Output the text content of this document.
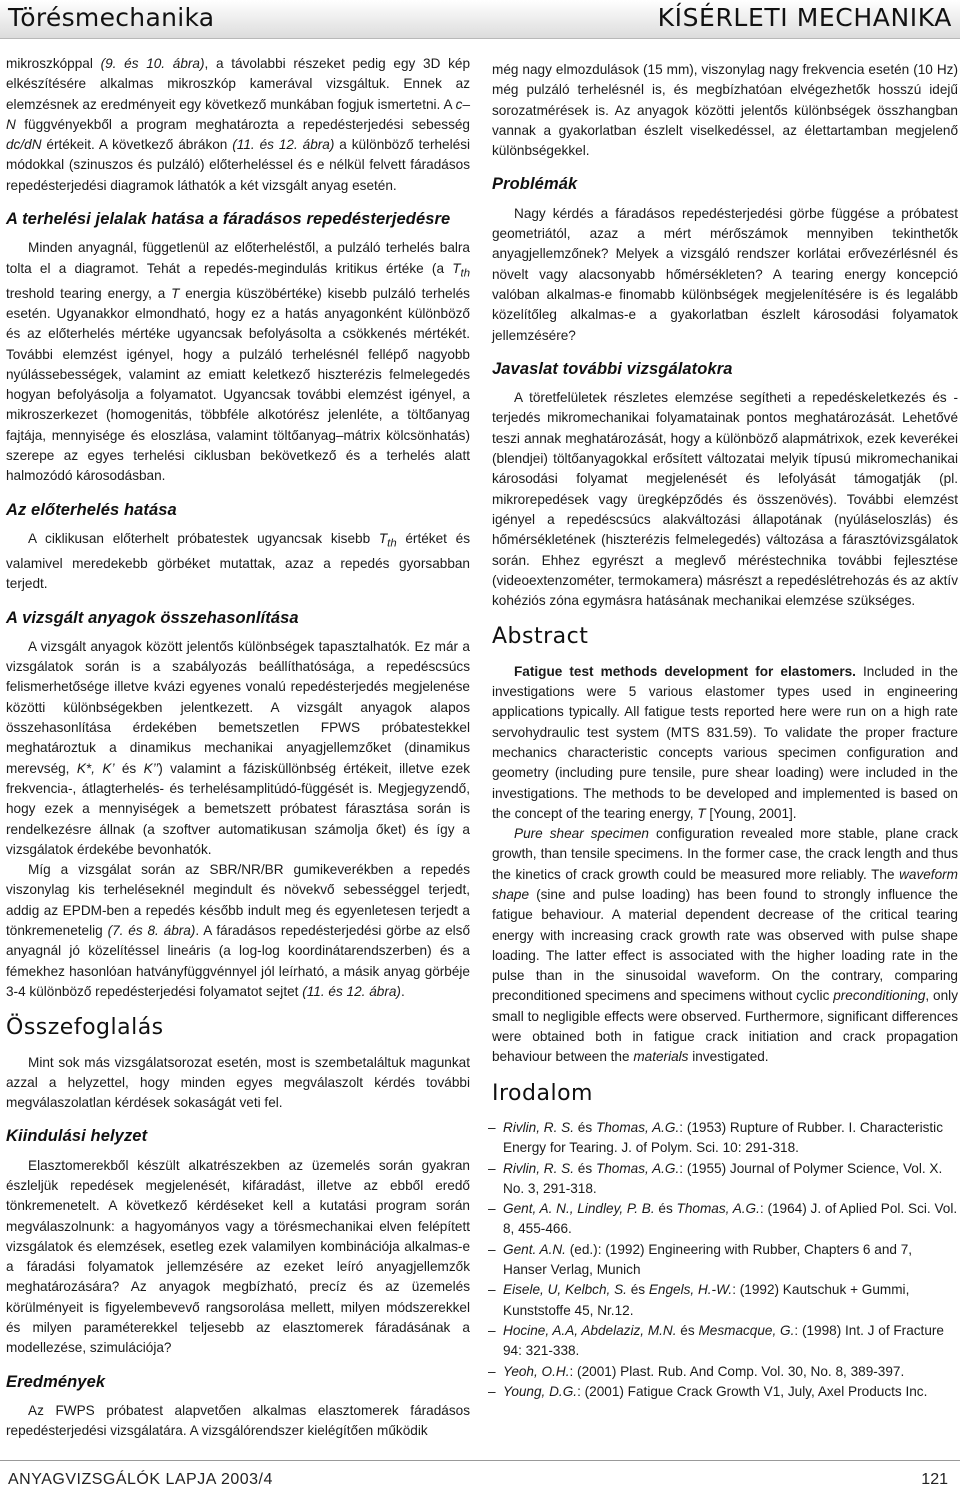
Törésmechanika	KÍSÉRLETI MECHANIKA

mikroszkóppal (9. és 10. ábra), a távolabbi részeket pedig egy 3D kép elkészítésére alkalmas mikroszkóp kamerával vizsgáltuk. Ennek az elemzésnek az eredményeit egy következő munkában fogjuk ismertetni. A c–N függvényekből a program meghatározta a repedésterjedési sebesség dc/dN értékeit. A következő ábrákon (11. és 12. ábra) a különböző terhelési módokkal (szinuszos és pulzáló) előterheléssel és e nélkül felvett fáradásos repedésterjedési diagramok láthatók a két vizsgált anyag esetén.

A terhelési jelalak hatása a fáradásos repedésterjedésre

Minden anyagnál, függetlenül az előterheléstől, a pulzáló terhelés balra tolta el a diagramot. Tehát a repedés-megindulás kritikus értéke (a $T_{th}$ treshold tearing energy, a T energia küszöbértéke) kisebb pulzáló terhelés esetén. Ugyanakkor elmondható, hogy ez a hatás anyagonként különböző és az előterhelés mértéke ugyancsak befolyásolta a csökkenés mértékét. További elemzést igényel, hogy a pulzáló terhelésnél fellépő nagyobb nyúlássebességek, valamint az emiatt keletkező hiszterézis felmelegedés hogyan befolyásolja a folyamatot. Ugyancsak további elemzést igényel, a mikroszerkezet (homogenitás, többféle alkotórész jelenléte, a töltőanyag fajtája, mennyisége és eloszlása, valamint töltőanyag–mátrix kölcsönhatás) szerepe az egyes terhelési ciklusban bekövetkező és a terhelés alatt halmozódó károsodásban.

Az előterhelés hatása

A ciklikusan előterhelt próbatestek ugyancsak kisebb $T_{th}$ értéket és valamivel meredekebb görbéket mutattak, azaz a repedés gyorsabban terjedt.

A vizsgált anyagok összehasonlítása

A vizsgált anyagok között jelentős különbségek tapasztalhatók. Ez már a vizsgálatok során is a szabályozás beállíthatósága, a repedéscsúcs felismerhetősége illetve kvázi egyenes vonalú repedésterjedés megjelenése közötti különbségekben jelentkezett. A vizsgált anyagok alapos összehasonlítása érdekében bemetszetlen FPWS próbatestekkel meghatároztuk a dinamikus mechanikai anyagjellemzőket (dinamikus merevség, K*, K’ és K’’) valamint a fázisküllönbség értékeit, illetve ezek frekvencia-, átlagterhelés- és terhelésamplitúdó-függését is. Megjegyzendő, hogy ezek a mennyiségek a bemetszett próbatest fárasztása során is rendelkezésre állnak (a szoftver automatikusan számolja őket) és így a vizsgálatok érdekébe bevonhatók.

Míg a vizsgálat során az SBR/NR/BR gumikeverékben a repedés viszonylag kis terheléseknél megindult és növekvő sebességgel terjedt, addig az EPDM-ben a repedés később indult meg és egyenletesen terjedt a tönkremenetelig (7. és 8. ábra). A fáradásos repedésterjedési görbe az első anyagnál jó közelítéssel lineáris (a log-log koordinátarendszerben) és a fémekhez hasonlóan hatványfüggvénnyel jól leírható, a másik anyag görbéje 3-4 különböző repedésterjedési folyamatot sejtet (11. és 12. ábra).

Összefoglalás

Mint sok más vizsgálatsorozat esetén, most is szembetaláltuk magunkat azzal a helyzettel, hogy minden egyes megválaszolt kérdés további megválaszolatlan kérdések sokaságát veti fel.

Kiindulási helyzet

Elasztomerekből készült alkatrészekben az üzemelés során gyakran észleljük repedések megjelenését, kifáradást, illetve az ebből eredő tönkremenetelt. A következő kérdéseket kell a kutatási program során megválaszolnunk: a hagyományos vagy a törésmechanikai elven felépített vizsgálatok és elemzések, esetleg ezek valamilyen kombinációja alkalmas-e a fáradási folyamatok jellemzésére az ezeket leíró anyagjellemzők meghatározására? Az anyagok megbízható, precíz és az üzemelés körülményeit is figyelembevevő rangsorolása mellett, milyen módszerekkel és milyen paraméterekkel teljesebb az elasztomerek fáradásának a modellezése, szimulációja?

Eredmények

Az FWPS próbatest alapvetően alkalmas elasztomerek fáradásos repedésterjedési vizsgálatára. A vizsgálórendszer kielégítően működik

még nagy elmozdulások (15 mm), viszonylag nagy frekvencia esetén (10 Hz) még pulzáló terhelésnél is, és megbízhatóan elvégezhetők hosszú idejű sorozatmérések is. Az anyagok közötti jelentős különbségek összhangban vannak a gyakorlatban észlelt viselkedéssel, az élettartamban megjelenő különbségekkel.

Problémák

Nagy kérdés a fáradásos repedésterjedési görbe függése a próbatest geometriától, azaz a mért mérőszámok mennyiben tekinthetők anyagjellemzőnek? Melyek a vizsgáló rendszer korlátai erővezérlésnél és növelt vagy alacsonyabb hőmérsékleten? A tearing energy koncepció valóban alkalmas-e finomabb különbségek megjelenítésére is és legalább közelítőleg alkalmas-e a gyakorlatban észlelt károsodási folyamatok jellemzésére?

Javaslat további vizsgálatokra

A töretfelületek részletes elemzése segítheti a repedéskeletkezés és -terjedés mikromechanikai folyamatainak pontos meghatározását. Lehetővé teszi annak meghatározását, hogy a különböző alapmátrixok, ezek keverékei (blendjei) töltőanyagokkal erősített változatai melyik típusú mikromechanikai károsodási folyamat megjelenését és lefolyását támogatják (pl. mikrorepedések vagy üregképződés és összenövés). További elemzést igényel a repedéscsúcs alakváltozási állapotának (nyúláseloszlás) és hőmérsékletének (hiszterézis felmelegedés) változása a fárasztóvizsgálatok során. Ehhez egyrészt a meglevő méréstechnika további fejlesztése (videoextenzométer, termokamera) másrészt a repedéslétrehozás és az aktív kohéziós zóna egymásra hatásának mechanikai elemzése szükséges.

Abstract

Fatigue test methods development for elastomers. Included in the investigations were 5 various elastomer types used in engineering applications typically. All fatigue tests reported here were run on a high rate servohydraulic test system (MTS 831.59). To validate the proper fracture mechanics characteristic concepts various specimen configuration and geometry (including pure tensile, pure shear loading) were included in the investigations. The methods to be developed and implemented is based on the concept of the tearing energy, T [Young, 2001].

Pure shear specimen configuration revealed more stable, plane crack growth, than tensile specimens. In the former case, the crack length and thus the kinetics of crack growth could be measured more reliably. The waveform shape (sine and pulse loading) has been found to strongly influence the fatigue behaviour. A material dependent decrease of the critical tearing energy with increasing crack growth rate was observed with pulse shape loading. The latter effect is associated with the higher loading rate in the pulse than in the sinusoidal waveform. On the contrary, comparing preconditioned specimens and specimens without cyclic preconditioning, only small to negligible effects were observed. Furthermore, significant differences were obtained both in fatigue crack initiation and crack propagation behaviour between the materials investigated.

Irodalom
– Rivlin, R. S. és Thomas, A.G.: (1953) Rupture of Rubber. I. Characteristic Energy for Tearing. J. of Polym. Sci. 10: 291-318.
– Rivlin, R. S. és Thomas, A.G.: (1955) Journal of Polymer Science, Vol. X. No. 3, 291-318.
– Gent, A. N., Lindley, P. B. és Thomas, A.G.: (1964) J. of Aplied Pol. Sci. Vol. 8, 455-466.
– Gent. A.N. (ed.): (1992) Engineering with Rubber, Chapters 6 and 7, Hanser Verlag, Munich
– Eisele, U, Kelbch, S. és Engels, H.-W.: (1992) Kautschuk + Gummi, Kunststoffe 45, Nr.12.
– Hocine, A.A, Abdelaziz, M.N. és Mesmacque, G.: (1998) Int. J of Fracture 94: 321-338.
– Yeoh, O.H.: (2001) Plast. Rub. And Comp. Vol. 30, No. 8, 389-397.
– Young, D.G.: (2001) Fatigue Crack Growth V1, July, Axel Products Inc.
ANYAGVIZSGÁLÓK LAPJA 2003/4	121
